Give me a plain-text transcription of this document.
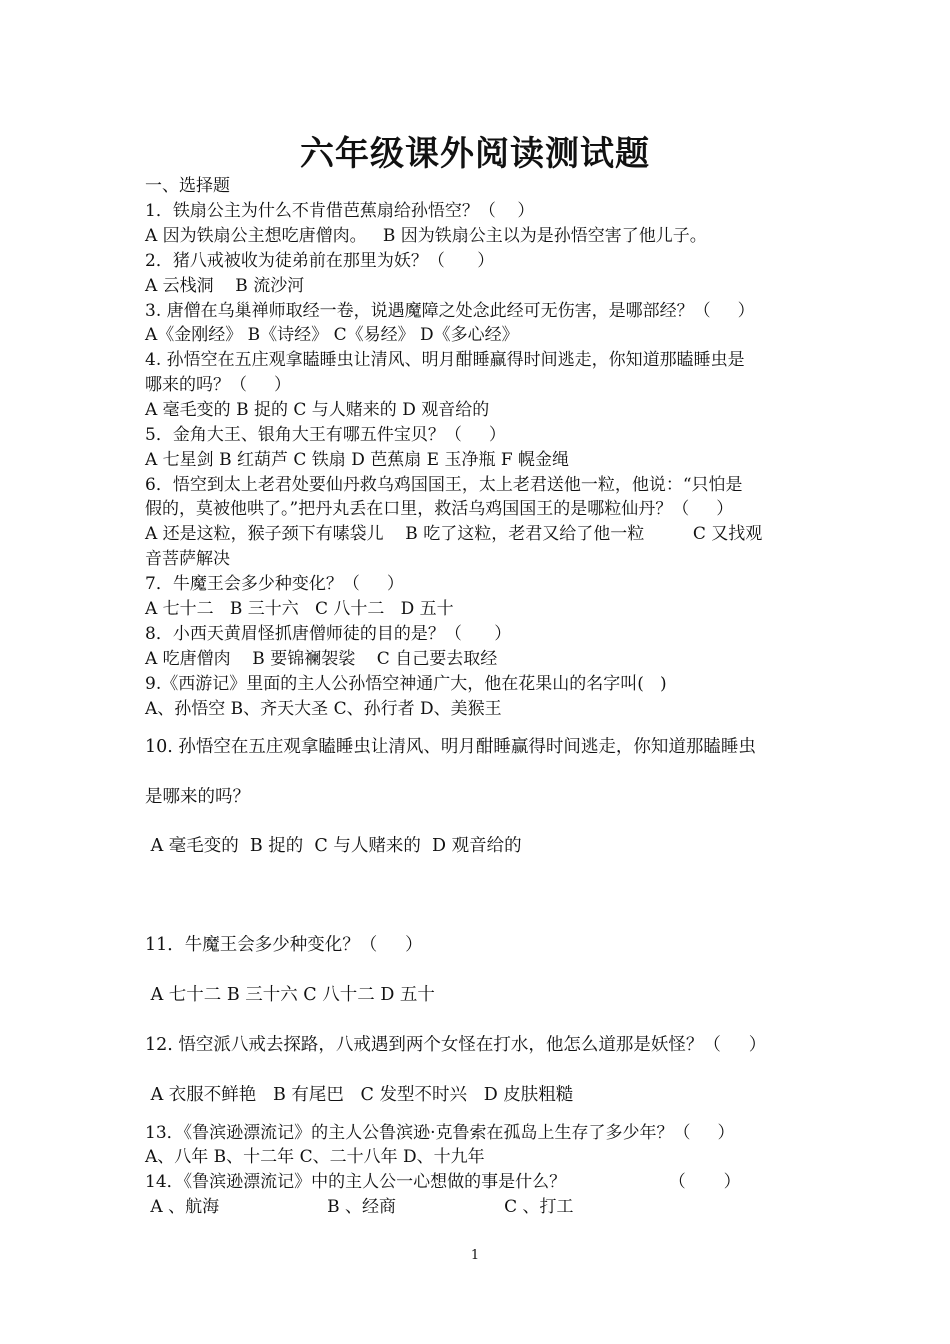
六年级课外阅读测试题
一、选择题
1．铁扇公主为什么不肯借芭蕉扇给孙悟空？（    ）
A 因为铁扇公主想吃唐僧肉。   B 因为铁扇公主以为是孙悟空害了他儿子。
2．猪八戒被收为徒弟前在那里为妖？（      ）
A 云栈洞    B 流沙河
3. 唐僧在乌巢禅师取经一卷，说遇魔障之处念此经可无伤害，是哪部经？（     ）
A《金刚经》 B《诗经》 C《易经》 D《多心经》
4. 孙悟空在五庄观拿瞌睡虫让清风、明月酣睡赢得时间逃走，你知道那瞌睡虫是
哪来的吗？（     ）
A 毫毛变的 B 捉的 C 与人赌来的 D 观音给的
5．金角大王、银角大王有哪五件宝贝？（     ）
A 七星剑 B 红葫芦 C 铁扇 D 芭蕉扇 E 玉净瓶 F 幌金绳
6．悟空到太上老君处要仙丹救乌鸡国国王，太上老君送他一粒，他说：“只怕是
假的，莫被他哄了。”把丹丸丢在口里，救活乌鸡国国王的是哪粒仙丹？（     ）
A 还是这粒，猴子颈下有嗉袋儿    B 吃了这粒，老君又给了他一粒         C 又找观
音菩萨解决
7．牛魔王会多少种变化？（     ）
A 七十二   B 三十六   C 八十二   D 五十
8．小西天黄眉怪抓唐僧师徒的目的是？（      ）
A 吃唐僧肉    B 要锦襕袈裟    C 自己要去取经
9.《西游记》里面的主人公孙悟空神通广大，他在花果山的名字叫(   )
A、孙悟空 B、齐天大圣 C、孙行者 D、美猴王
10. 孙悟空在五庄观拿瞌睡虫让清风、明月酣睡赢得时间逃走，你知道那瞌睡虫
是哪来的吗？
A 毫毛变的  B 捉的  C 与人赌来的  D 观音给的
11．牛魔王会多少种变化？（     ）
A 七十二 B 三十六 C 八十二 D 五十
12. 悟空派八戒去探路，八戒遇到两个女怪在打水，他怎么道那是妖怪？（     ）
A 衣服不鲜艳   B 有尾巴   C 发型不时兴   D 皮肤粗糙
13．《鲁滨逊漂流记》的主人公鲁滨逊·克鲁索在孤岛上生存了多少年？（     ）
A、八年 B、十二年 C、二十八年 D、十九年
14．《鲁滨逊漂流记》中的主人公一心想做的事是什么？                   （       ）
A 、航海                    B 、经商                    C 、打工
1
